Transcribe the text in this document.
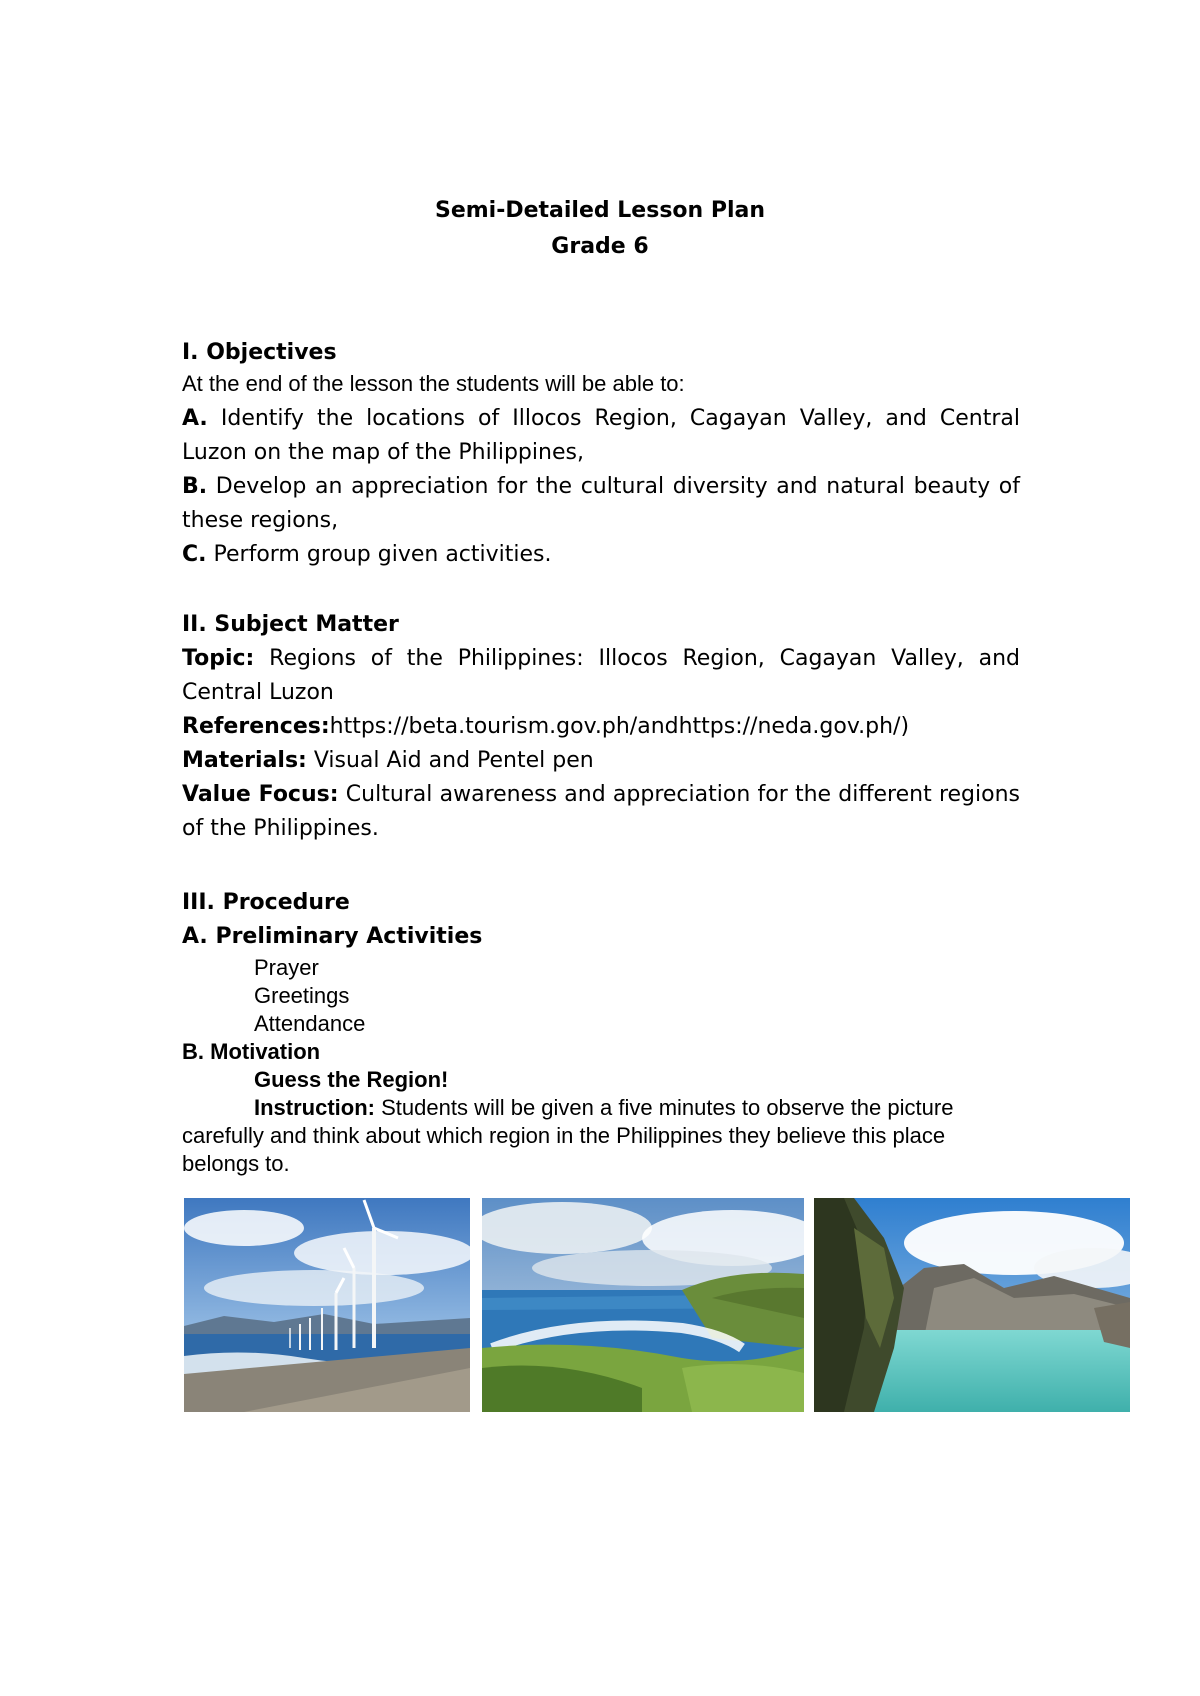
Semi-Detailed Lesson Plan
Grade 6
I. Objectives
At the end of the lesson the students will be able to:
A. Identify the locations of Illocos Region, Cagayan Valley, and Central Luzon on the map of the Philippines,
B. Develop an appreciation for the cultural diversity and natural beauty of these regions,
C. Perform group given activities.
II. Subject Matter
Topic: Regions of the Philippines: Illocos Region, Cagayan Valley, and Central Luzon
References:https://beta.tourism.gov.ph/andhttps://neda.gov.ph/)
Materials: Visual Aid and Pentel pen
Value Focus: Cultural awareness and appreciation for the different regions of the Philippines.
III. Procedure
A. Preliminary Activities
Prayer
Greetings
Attendance
B. Motivation
Guess the Region!
Instruction: Students will be given a five minutes to observe the picture carefully and think about which region in the Philippines they believe this place belongs to.
